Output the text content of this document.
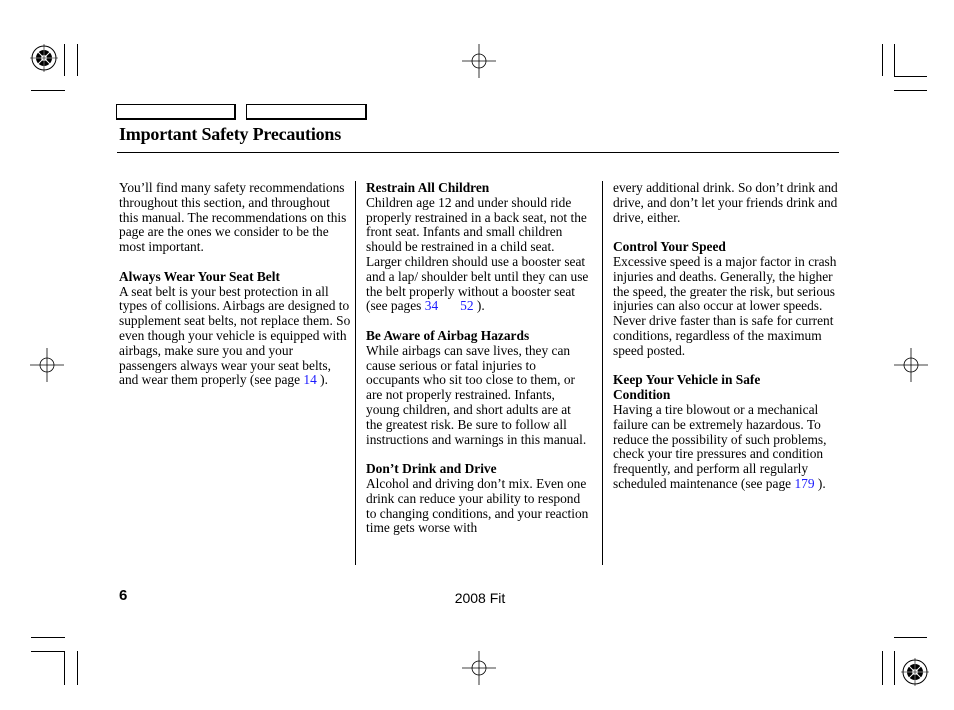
Important Safety Precautions

You’ll find many safety recommendations throughout this section, and throughout this manual. The recommendations on this page are the ones we consider to be the most important.

Always Wear Your Seat Belt

A seat belt is your best protection in all types of collisions. Airbags are designed to supplement seat belts, not replace them. So even though your vehicle is equipped with airbags, make sure you and your passengers always wear your seat belts, and wear them properly (see page 14 ).

Restrain All Children

Children age 12 and under should ride properly restrained in a back seat, not the front seat. Infants and small children should be restrained in a child seat. Larger children should use a booster seat and a lap/ shoulder belt until they can use the belt properly without a booster seat (see pages 34 52 ).

Be Aware of Airbag Hazards

While airbags can save lives, they can cause serious or fatal injuries to occupants who sit too close to them, or are not properly restrained. Infants, young children, and short adults are at the greatest risk. Be sure to follow all instructions and warnings in this manual.

Don’t Drink and Drive

Alcohol and driving don’t mix. Even one drink can reduce your ability to respond to changing conditions, and your reaction time gets worse with

every additional drink. So don’t drink and drive, and don’t let your friends drink and drive, either.

Control Your Speed

Excessive speed is a major factor in crash injuries and deaths. Generally, the higher the speed, the greater the risk, but serious injuries can also occur at lower speeds. Never drive faster than is safe for current conditions, regardless of the maximum speed posted.

Keep Your Vehicle in Safe
Condition

Having a tire blowout or a mechanical failure can be extremely hazardous. To reduce the possibility of such problems, check your tire pressures and condition frequently, and perform all regularly scheduled maintenance (see page 179 ).

6	2008 Fit
